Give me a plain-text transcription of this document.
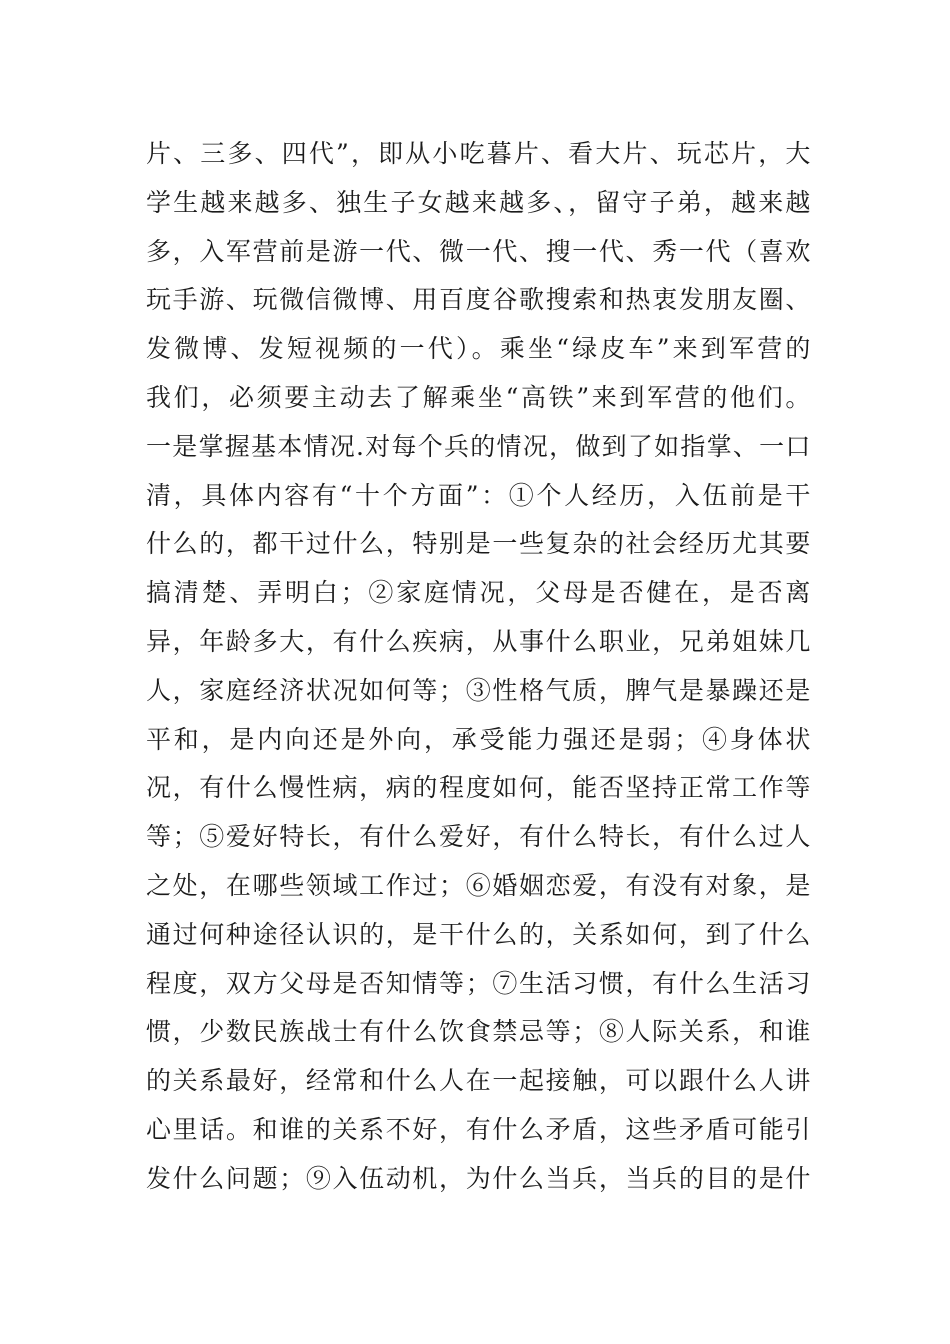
片、三多、四代”，即从小吃暮片、看大片、玩芯片，大
学生越来越多、独生子女越来越多、，留守子弟，越来越
多，入军营前是游一代、微一代、搜一代、秀一代（喜欢
玩手游、玩微信微博、用百度谷歌搜索和热衷发朋友圈、
发微博、发短视频的一代）。乘坐“绿皮车”来到军营的
我们，必须要主动去了解乘坐“高铁”来到军营的他们。
一是掌握基本情况.对每个兵的情况，做到了如指掌、一口
清，具体内容有“十个方面”：①个人经历，入伍前是干
什么的，都干过什么，特别是一些复杂的社会经历尤其要
搞清楚、弄明白；②家庭情况，父母是否健在，是否离
异，年龄多大，有什么疾病，从事什么职业，兄弟姐妹几
人，家庭经济状况如何等；③性格气质，脾气是暴躁还是
平和，是内向还是外向，承受能力强还是弱；④身体状
况，有什么慢性病，病的程度如何，能否坚持正常工作等
等；⑤爱好特长，有什么爱好，有什么特长，有什么过人
之处，在哪些领域工作过；⑥婚姻恋爱，有没有对象，是
通过何种途径认识的，是干什么的，关系如何，到了什么
程度，双方父母是否知情等；⑦生活习惯，有什么生活习
惯，少数民族战士有什么饮食禁忌等；⑧人际关系，和谁
的关系最好，经常和什么人在一起接触，可以跟什么人讲
心里话。和谁的关系不好，有什么矛盾，这些矛盾可能引
发什么问题；⑨入伍动机，为什么当兵，当兵的目的是什
